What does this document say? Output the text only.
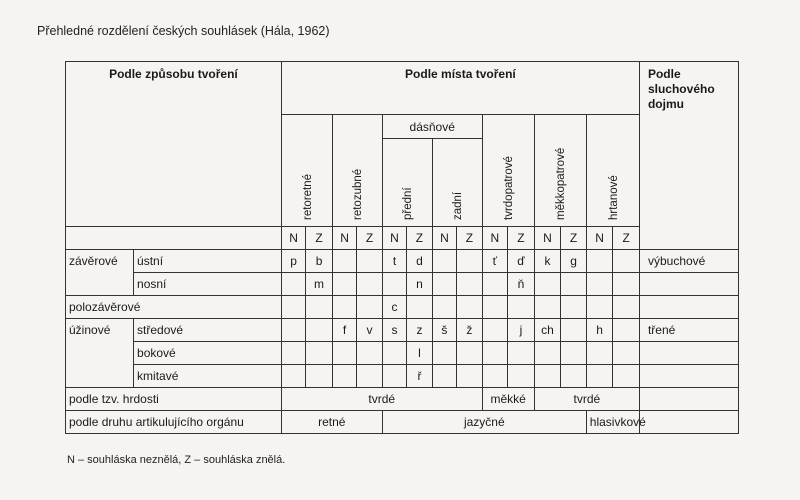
Přehledné rozdělení českých souhlásek (Hála, 1962)
Podle způsobu tvoření		Podle místa tvoření														Podle sluchového dojmu

		retoretné		retozubné		dásňové				tvrdopatrové		měkkopatrové		hrtanové		

						přední		zadní								

		N	Z	N	Z	N	Z	N	Z	N	Z	N	Z	N	Z	
závěrové	ústní	p	b			t	d			ť	ď	k	g			výbuchové
	nosní		m				n				ň					
polozávěrové						c										
úžinové	středové			f	v	s	z	š	ž		j	ch		h		třené
	bokové						l									
	kmitavé						ř									
podle tzv. hrdosti		tvrdé								měkké		tvrdé				
podle druhu artikulujícího orgánu		retné				jazyčné								hlasivkové		
N – souhláska neznělá, Z – souhláska znělá.
